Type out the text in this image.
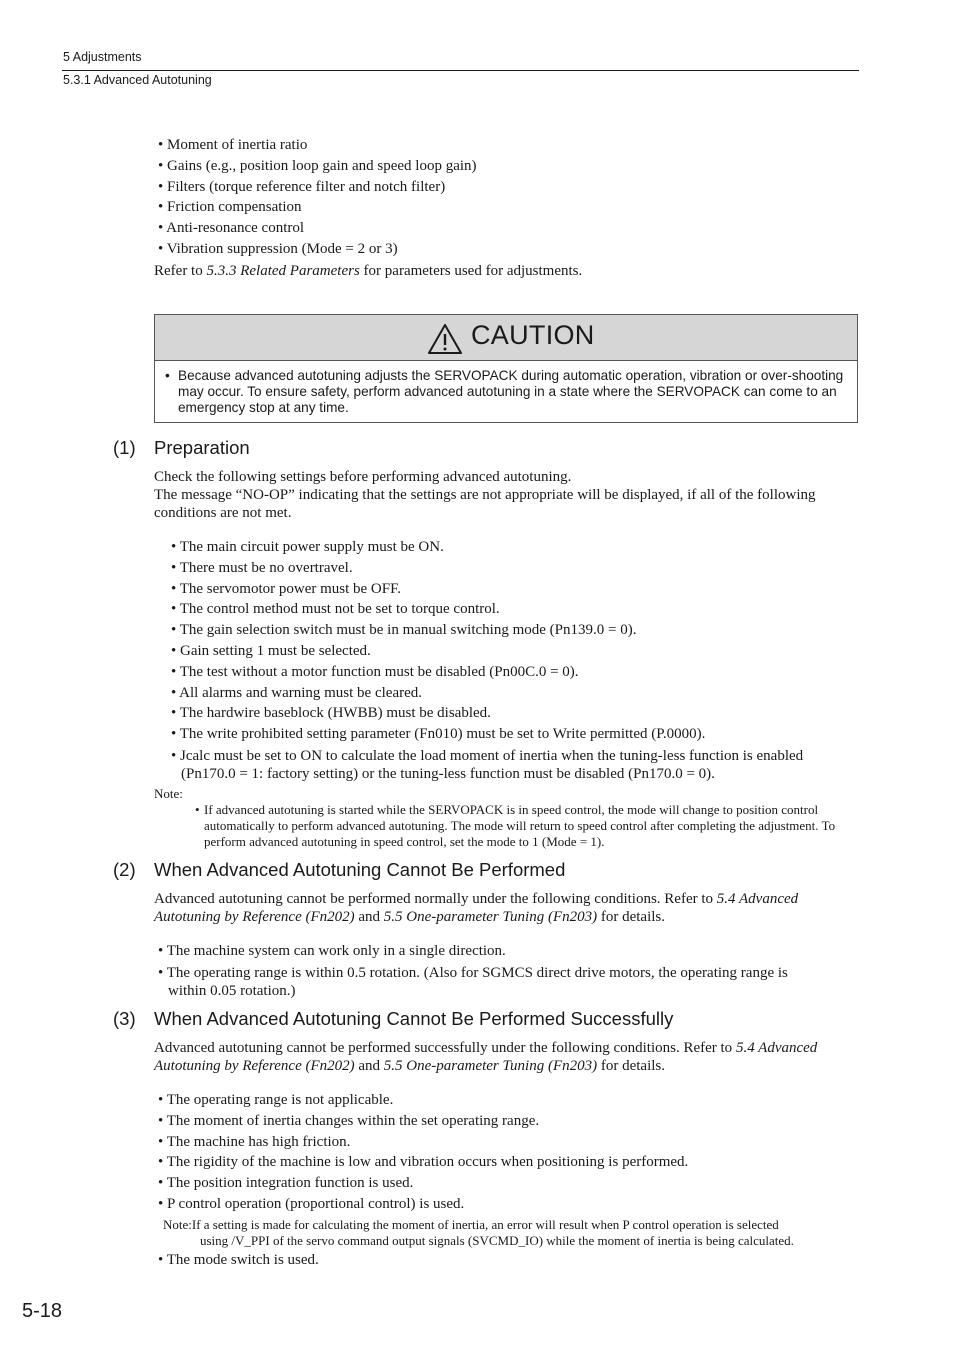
5 Adjustments
5.3.1 Advanced Autotuning
• Moment of inertia ratio
• Gains (e.g., position loop gain and speed loop gain)
• Filters (torque reference filter and notch filter)
• Friction compensation
• Anti-resonance control
• Vibration suppression (Mode = 2 or 3)
Refer to 5.3.3 Related Parameters for parameters used for adjustments.
CAUTION
• Because advanced autotuning adjusts the SERVOPACK during automatic operation, vibration or over-shooting may occur. To ensure safety, perform advanced autotuning in a state where the SERVOPACK can come to an emergency stop at any time.
(1) Preparation
Check the following settings before performing advanced autotuning.
The message “NO-OP” indicating that the settings are not appropriate will be displayed, if all of the following conditions are not met.
• The main circuit power supply must be ON.
• There must be no overtravel.
• The servomotor power must be OFF.
• The control method must not be set to torque control.
• The gain selection switch must be in manual switching mode (Pn139.0 = 0).
• Gain setting 1 must be selected.
• The test without a motor function must be disabled (Pn00C.0 = 0).
• All alarms and warning must be cleared.
• The hardwire baseblock (HWBB) must be disabled.
• The write prohibited setting parameter (Fn010) must be set to Write permitted (P.0000).
• Jcalc must be set to ON to calculate the load moment of inertia when the tuning-less function is enabled
(Pn170.0 = 1: factory setting) or the tuning-less function must be disabled (Pn170.0 = 0).
Note:
• If advanced autotuning is started while the SERVOPACK is in speed control, the mode will change to position control automatically to perform advanced autotuning. The mode will return to speed control after completing the adjustment. To perform advanced autotuning in speed control, set the mode to 1 (Mode = 1).
(2) When Advanced Autotuning Cannot Be Performed
Advanced autotuning cannot be performed normally under the following conditions. Refer to 5.4 Advanced Autotuning by Reference (Fn202) and 5.5 One-parameter Tuning (Fn203) for details.
• The machine system can work only in a single direction.
• The operating range is within 0.5 rotation. (Also for SGMCS direct drive motors, the operating range is
within 0.05 rotation.)
(3) When Advanced Autotuning Cannot Be Performed Successfully
Advanced autotuning cannot be performed successfully under the following conditions. Refer to 5.4 Advanced Autotuning by Reference (Fn202) and 5.5 One-parameter Tuning (Fn203) for details.
• The operating range is not applicable.
• The moment of inertia changes within the set operating range.
• The machine has high friction.
• The rigidity of the machine is low and vibration occurs when positioning is performed.
• The position integration function is used.
• P control operation (proportional control) is used.
Note:If a setting is made for calculating the moment of inertia, an error will result when P control operation is selected
using /V_PPI of the servo command output signals (SVCMD_IO) while the moment of inertia is being calculated.
• The mode switch is used.
5-18
